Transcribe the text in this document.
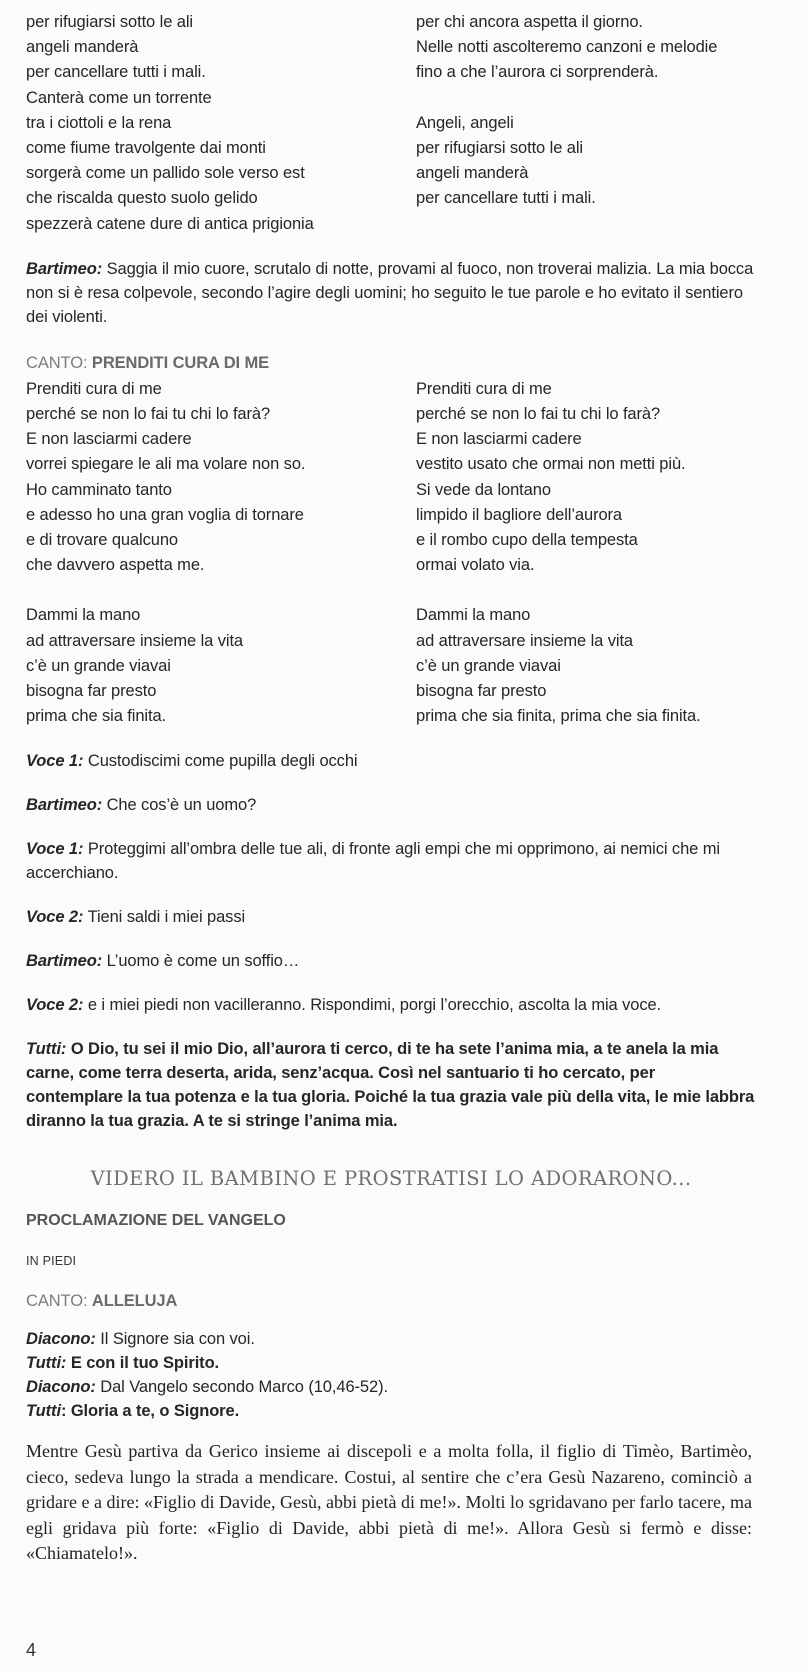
per rifugiarsi sotto le ali
angeli manderà
per cancellare tutti i mali.
Canterà come un torrente
tra i ciottoli e la rena
come fiume travolgente dai monti
sorgerà come un pallido sole verso est
che riscalda questo suolo gelido
spezzerà catene dure di antica prigionia
per chi ancora aspetta il giorno.
Nelle notti ascolteremo canzoni e melodie
fino a che l’aurora ci sorprenderà.
Angeli, angeli
per rifugiarsi sotto le ali
angeli manderà
per cancellare tutti i mali.
Bartimeo: Saggia il mio cuore, scrutalo di notte, provami al fuoco, non troverai malizia. La mia bocca non si è resa colpevole, secondo l’agire degli uomini; ho seguito le tue parole e ho evitato il sentiero dei violenti.
CANTO: PRENDITI CURA DI ME
Prenditi cura di me
perché se non lo fai tu chi lo farà?
E non lasciarmi cadere
vorrei spiegare le ali ma volare non so.
Ho camminato tanto
e adesso ho una gran voglia di tornare
e di trovare qualcuno
che davvero aspetta me.
Dammi la mano
ad attraversare insieme la vita
c’è un grande viavai
bisogna far presto
prima che sia finita.
Prenditi cura di me
perché se non lo fai tu chi lo farà?
E non lasciarmi cadere
vestito usato che ormai non metti più.
Si vede da lontano
limpido il bagliore dell’aurora
e il rombo cupo della tempesta
ormai volato via.
Dammi la mano
ad attraversare insieme la vita
c’è un grande viavai
bisogna far presto
prima che sia finita, prima che sia finita.
Voce 1: Custodiscimi come pupilla degli occhi
Bartimeo: Che cos’è un uomo?
Voce 1: Proteggimi all’ombra delle tue ali, di fronte agli empi che mi opprimono, ai nemici che mi accerchiano.
Voce 2: Tieni saldi i miei passi
Bartimeo: L’uomo è come un soffio…
Voce 2: e i miei piedi non vacilleranno. Rispondimi, porgi l’orecchio, ascolta la mia voce.
Tutti: O Dio, tu sei il mio Dio, all’aurora ti cerco, di te ha sete l’anima mia, a te anela la mia carne, come terra deserta, arida, senz’acqua. Così nel santuario ti ho cercato, per contemplare la tua potenza e la tua gloria. Poiché la tua grazia vale più della vita, le mie labbra diranno la tua grazia. A te si stringe l’anima mia.
VIDERO IL BAMBINO E PROSTRATISI LO ADORARONO...
PROCLAMAZIONE DEL VANGELO
IN PIEDI
CANTO: ALLELUJA
Diacono: Il Signore sia con voi.
Tutti: E con il tuo Spirito.
Diacono: Dal Vangelo secondo Marco (10,46-52).
Tutti: Gloria a te, o Signore.
Mentre Gesù partiva da Gerico insieme ai discepoli e a molta folla, il figlio di Timèo, Bartimèo, cieco, sedeva lungo la strada a mendicare. Costui, al sentire che c’era Gesù Nazareno, cominciò a gridare e a dire: «Figlio di Davide, Gesù, abbi pietà di me!». Molti lo sgridavano per farlo tacere, ma egli gridava più forte: «Figlio di Davide, abbi pietà di me!». Allora Gesù si fermò e disse: «Chiamatelo!».
4
